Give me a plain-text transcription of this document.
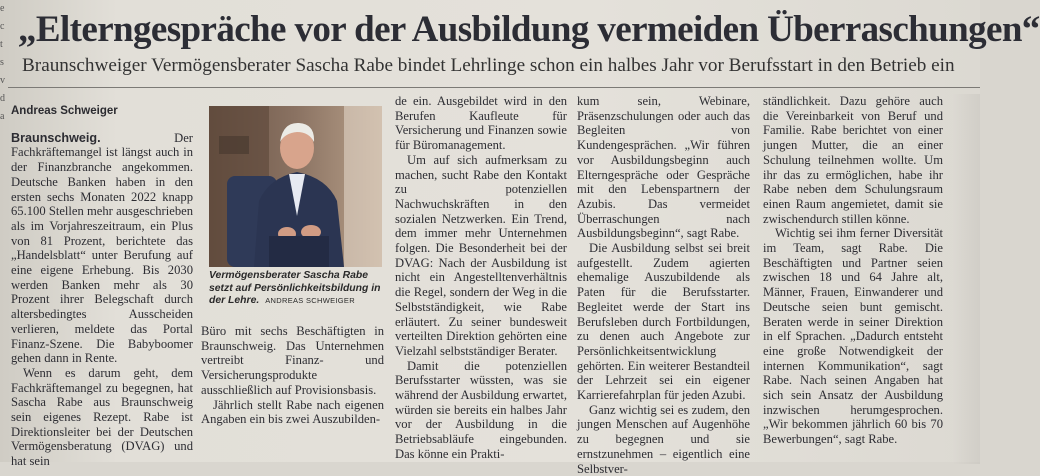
e
c
t
s
v
d
a
„Elterngespräche vor der Ausbildung vermeiden Überraschungen“
Braunschweiger Vermögensberater Sascha Rabe bindet Lehrlinge schon ein halbes Jahr vor Berufsstart in den Betrieb ein
Andreas Schweiger

Braunschweig. Der Fachkräftemangel ist längst auch in der Finanzbranche angekommen. Deutsche Banken haben in den ersten sechs Monaten 2022 knapp 65.100 Stellen mehr ausgeschrieben als im Vorjahreszeitraum, ein Plus von 81 Prozent, berichtete das „Handelsblatt“ unter Berufung auf eine eigene Erhebung. Bis 2030 werden Banken mehr als 30 Prozent ihrer Belegschaft durch altersbedingtes Ausscheiden verlieren, meldete das Portal Finanz-Szene. Die Babyboomer gehen dann in Rente.

Wenn es darum geht, dem Fachkräftemangel zu begegnen, hat Sascha Rabe aus Braunschweig sein eigenes Rezept. Rabe ist Direktionsleiter bei der Deutschen Vermögensberatung (DVAG) und hat sein

Vermögensberater Sascha Rabe setzt auf Persönlichkeitsbildung in der Lehre. ANDREAS SCHWEIGER

Büro mit sechs Beschäftigten in Braunschweig. Das Unternehmen vertreibt Finanz- und Versicherungsprodukte ausschließlich auf Provisionsbasis.

Jährlich stellt Rabe nach eigenen Angaben ein bis zwei Auszubilden-

de ein. Ausgebildet wird in den Berufen Kaufleute für Versicherung und Finanzen sowie für Büromanagement.

Um auf sich aufmerksam zu machen, sucht Rabe den Kontakt zu potenziellen Nachwuchskräften in den sozialen Netzwerken. Ein Trend, dem immer mehr Unternehmen folgen. Die Besonderheit bei der DVAG: Nach der Ausbildung ist nicht ein Angestelltenverhältnis die Regel, sondern der Weg in die Selbstständigkeit, wie Rabe erläutert. Zu seiner bundesweit verteilten Direktion gehörten eine Vielzahl selbstständiger Berater.

Damit die potenziellen Berufsstarter wüssten, was sie während der Ausbildung erwartet, würden sie bereits ein halbes Jahr vor der Ausbildung in die Betriebsabläufe eingebunden. Das könne ein Prakti-

kum sein, Webinare, Präsenzschulungen oder auch das Begleiten von Kundengesprächen. „Wir führen vor Ausbildungsbeginn auch Elterngespräche oder Gespräche mit den Lebenspartnern der Azubis. Das vermeidet Überraschungen nach Ausbildungsbeginn“, sagt Rabe.

Die Ausbildung selbst sei breit aufgestellt. Zudem agierten ehemalige Auszubildende als Paten für die Berufsstarter. Begleitet werde der Start ins Berufsleben durch Fortbildungen, zu denen auch Angebote zur Persönlichkeitsentwicklung gehörten. Ein weiterer Bestandteil der Lehrzeit sei ein eigener Karrierefahrplan für jeden Azubi.

Ganz wichtig sei es zudem, den jungen Menschen auf Augenhöhe zu begegnen und sie ernstzunehmen – eigentlich eine Selbstver-

ständlichkeit. Dazu gehöre auch die Vereinbarkeit von Beruf und Familie. Rabe berichtet von einer jungen Mutter, die an einer Schulung teilnehmen wollte. Um ihr das zu ermöglichen, habe ihr Rabe neben dem Schulungsraum einen Raum angemietet, damit sie zwischendurch stillen könne.

Wichtig sei ihm ferner Diversität im Team, sagt Rabe. Die Beschäftigten und Partner seien zwischen 18 und 64 Jahre alt, Männer, Frauen, Einwanderer und Deutsche seien bunt gemischt. Beraten werde in seiner Direktion in elf Sprachen. „Dadurch entsteht eine große Notwendigkeit der internen Kommunikation“, sagt Rabe. Nach seinen Angaben hat sich sein Ansatz der Ausbildung inzwischen herumgesprochen. „Wir bekommen jährlich 60 bis 70 Bewerbungen“, sagt Rabe.
